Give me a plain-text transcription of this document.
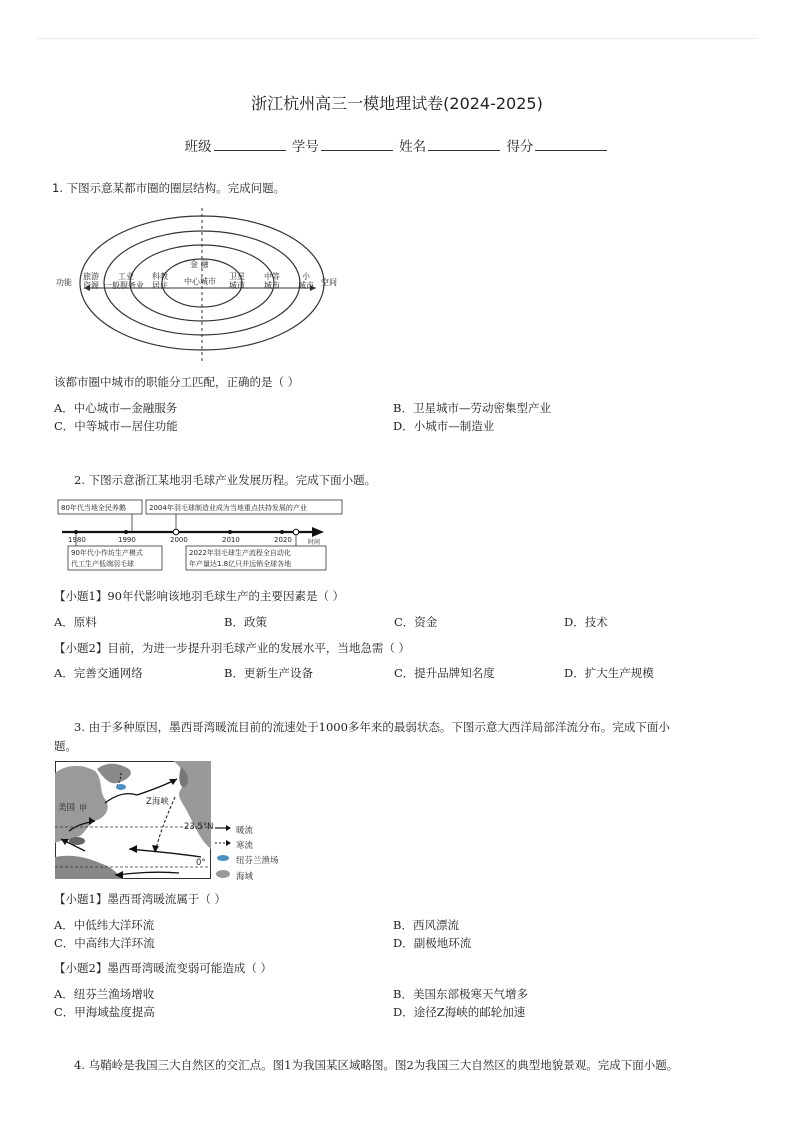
浙江杭州高三一模地理试卷(2024-2025)
班级	学号	姓名	得分
1. 下图示意某都市圈的圈层结构。完成问题。
功能	空间
金 融
旅游
资源
工业
一般服务业
科教
居住 中心城市
卫星
城市
中等
城市
小
城市
该都市圈中城市的职能分工匹配，正确的是（ ）
A．中心城市—金融服务	B．卫星城市—劳动密集型产业
C．中等城市—居住功能	D．小城市—制造业
2. 下图示意浙江某地羽毛球产业发展历程。完成下面小题。
80年代当地全民养鹅	2004年羽毛球制造业成为当地重点扶持发展的产业
1980	1990	2000	2010	2020	时间
90年代小作坊生产模式
代工生产低端羽毛球
2022年羽毛球生产流程全自动化
年产量达1.8亿只并远销全球各地
【小题1】90年代影响该地羽毛球生产的主要因素是（ ）
A．原料	B．政策	C．资金	D．技术
【小题2】目前，为进一步提升羽毛球产业的发展水平，当地急需（ ）
A．完善交通网络	B．更新生产设备	C．提升品牌知名度	D．扩大生产规模
3. 由于多种原因，墨西哥湾暖流目前的流速处于1000多年来的最弱状态。下图示意大西洋局部洋流分布。完成下面小
题。
甲
美国
Z海峡
23.5°N
0°
暖流
寒流
纽芬兰渔场
海域
【小题1】墨西哥湾暖流属于（ ）
A．中低纬大洋环流	B．西风漂流
C．中高纬大洋环流	D．副极地环流
【小题2】墨西哥湾暖流变弱可能造成（ ）
A．纽芬兰渔场增收	B．美国东部极寒天气增多
C．甲海域盐度提高	D．途径Z海峡的邮轮加速
4. 乌鞘岭是我国三大自然区的交汇点。图1为我国某区域略图。图2为我国三大自然区的典型地貌景观。完成下面小题。
